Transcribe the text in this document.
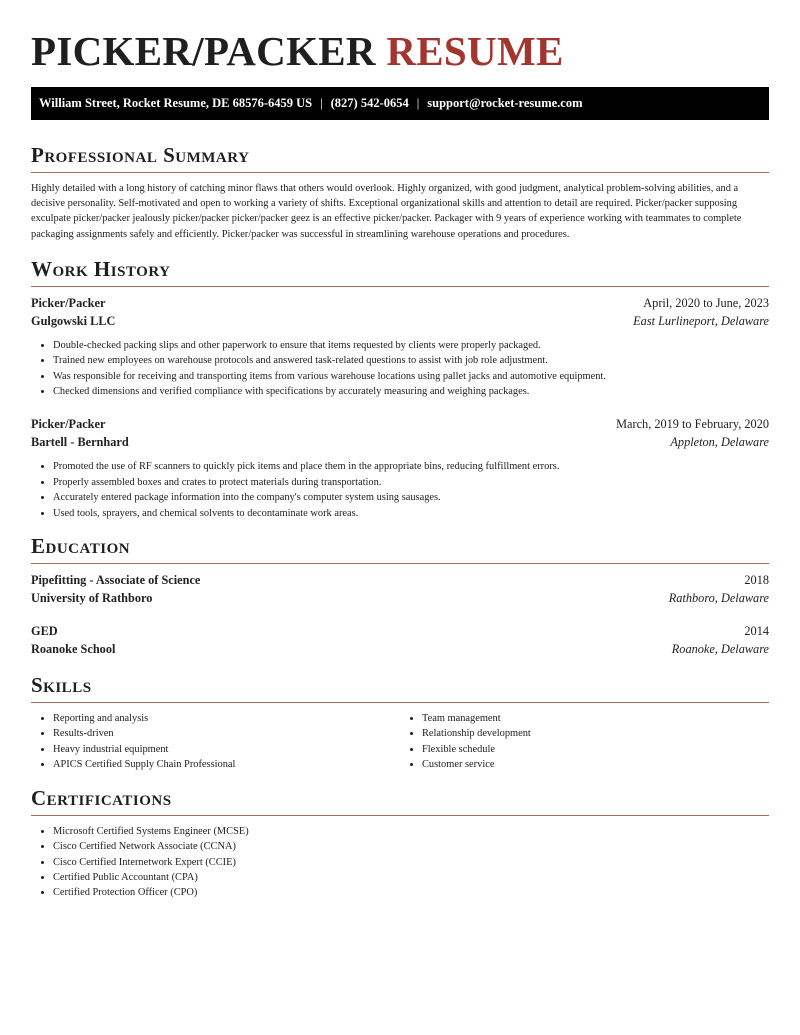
PICKER/PACKER RESUME
William Street, Rocket Resume, DE 68576-6459 US | (827) 542-0654 | support@rocket-resume.com
Professional Summary

Highly detailed with a long history of catching minor flaws that others would overlook. Highly organized, with good judgment, analytical problem-solving abilities, and a decisive personality. Self-motivated and open to working a variety of shifts. Exceptional organizational skills and attention to detail are required. Picker/packer supposing exculpate picker/packer jealously picker/packer picker/packer geez is an effective picker/packer. Packager with 9 years of experience working with teammates to complete packaging assignments safely and efficiently. Picker/packer was successful in streamlining warehouse operations and procedures.

Work History
Picker/Packer	April, 2020 to June, 2023
Gulgowski LLC	East Lurlineport, Delaware
• Double-checked packing slips and other paperwork to ensure that items requested by clients were properly packaged.
• Trained new employees on warehouse protocols and answered task-related questions to assist with job role adjustment.
• Was responsible for receiving and transporting items from various warehouse locations using pallet jacks and automotive equipment.
• Checked dimensions and verified compliance with specifications by accurately measuring and weighing packages.
Picker/Packer	March, 2019 to February, 2020
Bartell - Bernhard	Appleton, Delaware
• Promoted the use of RF scanners to quickly pick items and place them in the appropriate bins, reducing fulfillment errors.
• Properly assembled boxes and crates to protect materials during transportation.
• Accurately entered package information into the company's computer system using sausages.
• Used tools, sprayers, and chemical solvents to decontaminate work areas.
Education
Pipefitting - Associate of Science	2018
University of Rathboro	Rathboro, Delaware
GED	2014
Roanoke School	Roanoke, Delaware
Skills
• Reporting and analysis
• Results-driven
• Heavy industrial equipment
• APICS Certified Supply Chain Professional
• Team management
• Relationship development
• Flexible schedule
• Customer service
Certifications
• Microsoft Certified Systems Engineer (MCSE)
• Cisco Certified Network Associate (CCNA)
• Cisco Certified Internetwork Expert (CCIE)
• Certified Public Accountant (CPA)
• Certified Protection Officer (CPO)
